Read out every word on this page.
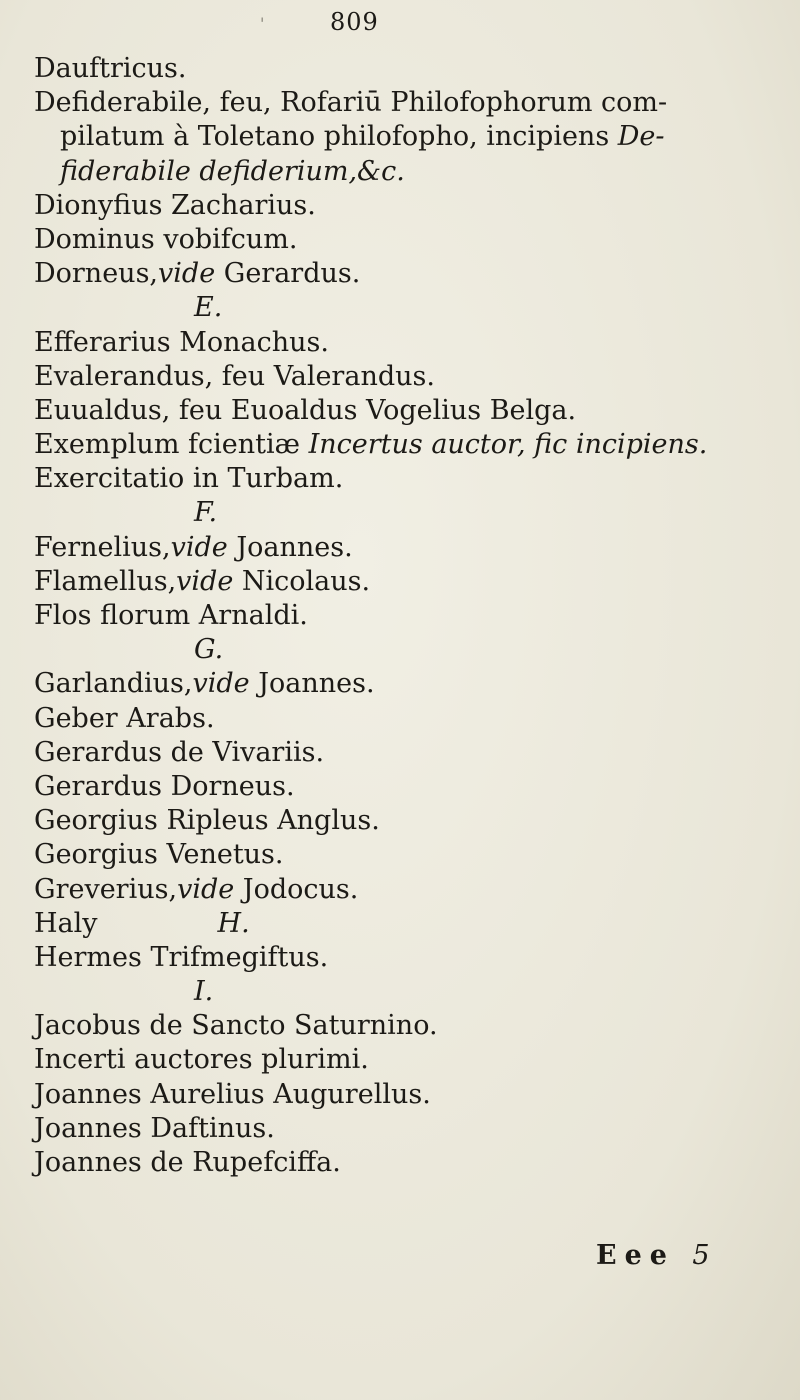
'	809
Dauftricus.
Defiderabile, feu, Rofariū Philofophorum com-
pilatum à Toletano philofopho, incipiens De-
fiderabile defiderium,&c.
Dionyfius Zacharius.
Dominus vobifcum.
Dorneus,vide Gerardus.
E.
Efferarius Monachus.
Evalerandus, feu Valerandus.
Euualdus, feu Euoaldus Vogelius Belga.
Exemplum fcientiæ Incertus auctor, fic incipiens.
Exercitatio in Turbam.
F.
Fernelius,vide Joannes.
Flamellus,vide Nicolaus.
Flos florum Arnaldi.
G.
Garlandius,vide Joannes.
Geber Arabs.
Gerardus de Vivariis.
Gerardus Dorneus.
Georgius Ripleus Anglus.
Georgius Venetus.
Greverius,vide Jodocus.
Haly	H.
Hermes Trifmegiftus.
I.
Jacobus de Sancto Saturnino.
Incerti auctores plurimi.
Joannes Aurelius Augurellus.
Joannes Daftinus.
Joannes de Rupefciffa.
Eee 5
